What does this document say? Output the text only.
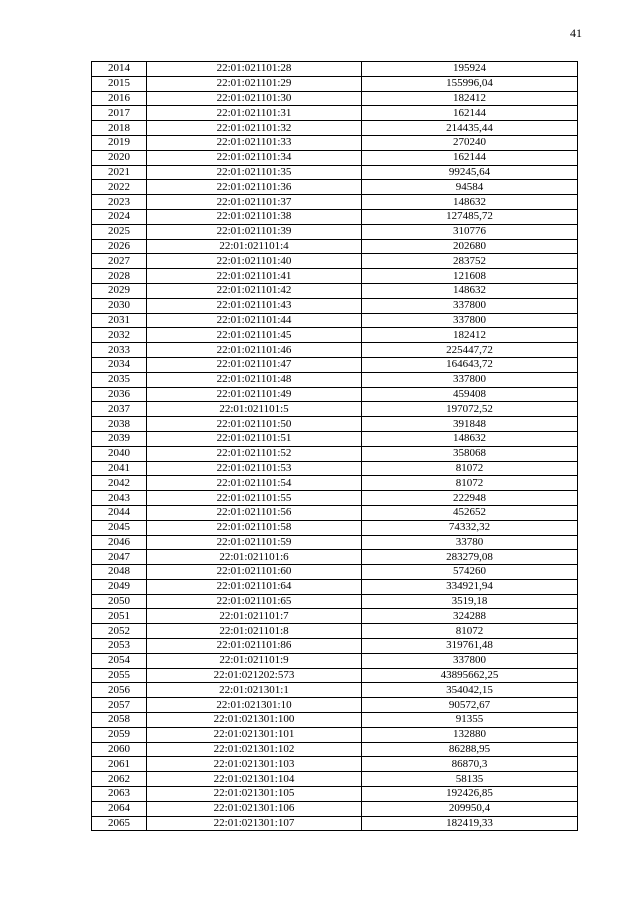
41
2014	22:01:021101:28	195924
2015	22:01:021101:29	155996,04
2016	22:01:021101:30	182412
2017	22:01:021101:31	162144
2018	22:01:021101:32	214435,44
2019	22:01:021101:33	270240
2020	22:01:021101:34	162144
2021	22:01:021101:35	99245,64
2022	22:01:021101:36	94584
2023	22:01:021101:37	148632
2024	22:01:021101:38	127485,72
2025	22:01:021101:39	310776
2026	22:01:021101:4	202680
2027	22:01:021101:40	283752
2028	22:01:021101:41	121608
2029	22:01:021101:42	148632
2030	22:01:021101:43	337800
2031	22:01:021101:44	337800
2032	22:01:021101:45	182412
2033	22:01:021101:46	225447,72
2034	22:01:021101:47	164643,72
2035	22:01:021101:48	337800
2036	22:01:021101:49	459408
2037	22:01:021101:5	197072,52
2038	22:01:021101:50	391848
2039	22:01:021101:51	148632
2040	22:01:021101:52	358068
2041	22:01:021101:53	81072
2042	22:01:021101:54	81072
2043	22:01:021101:55	222948
2044	22:01:021101:56	452652
2045	22:01:021101:58	74332,32
2046	22:01:021101:59	33780
2047	22:01:021101:6	283279,08
2048	22:01:021101:60	574260
2049	22:01:021101:64	334921,94
2050	22:01:021101:65	3519,18
2051	22:01:021101:7	324288
2052	22:01:021101:8	81072
2053	22:01:021101:86	319761,48
2054	22:01:021101:9	337800
2055	22:01:021202:573	43895662,25
2056	22:01:021301:1	354042,15
2057	22:01:021301:10	90572,67
2058	22:01:021301:100	91355
2059	22:01:021301:101	132880
2060	22:01:021301:102	86288,95
2061	22:01:021301:103	86870,3
2062	22:01:021301:104	58135
2063	22:01:021301:105	192426,85
2064	22:01:021301:106	209950,4
2065	22:01:021301:107	182419,33
